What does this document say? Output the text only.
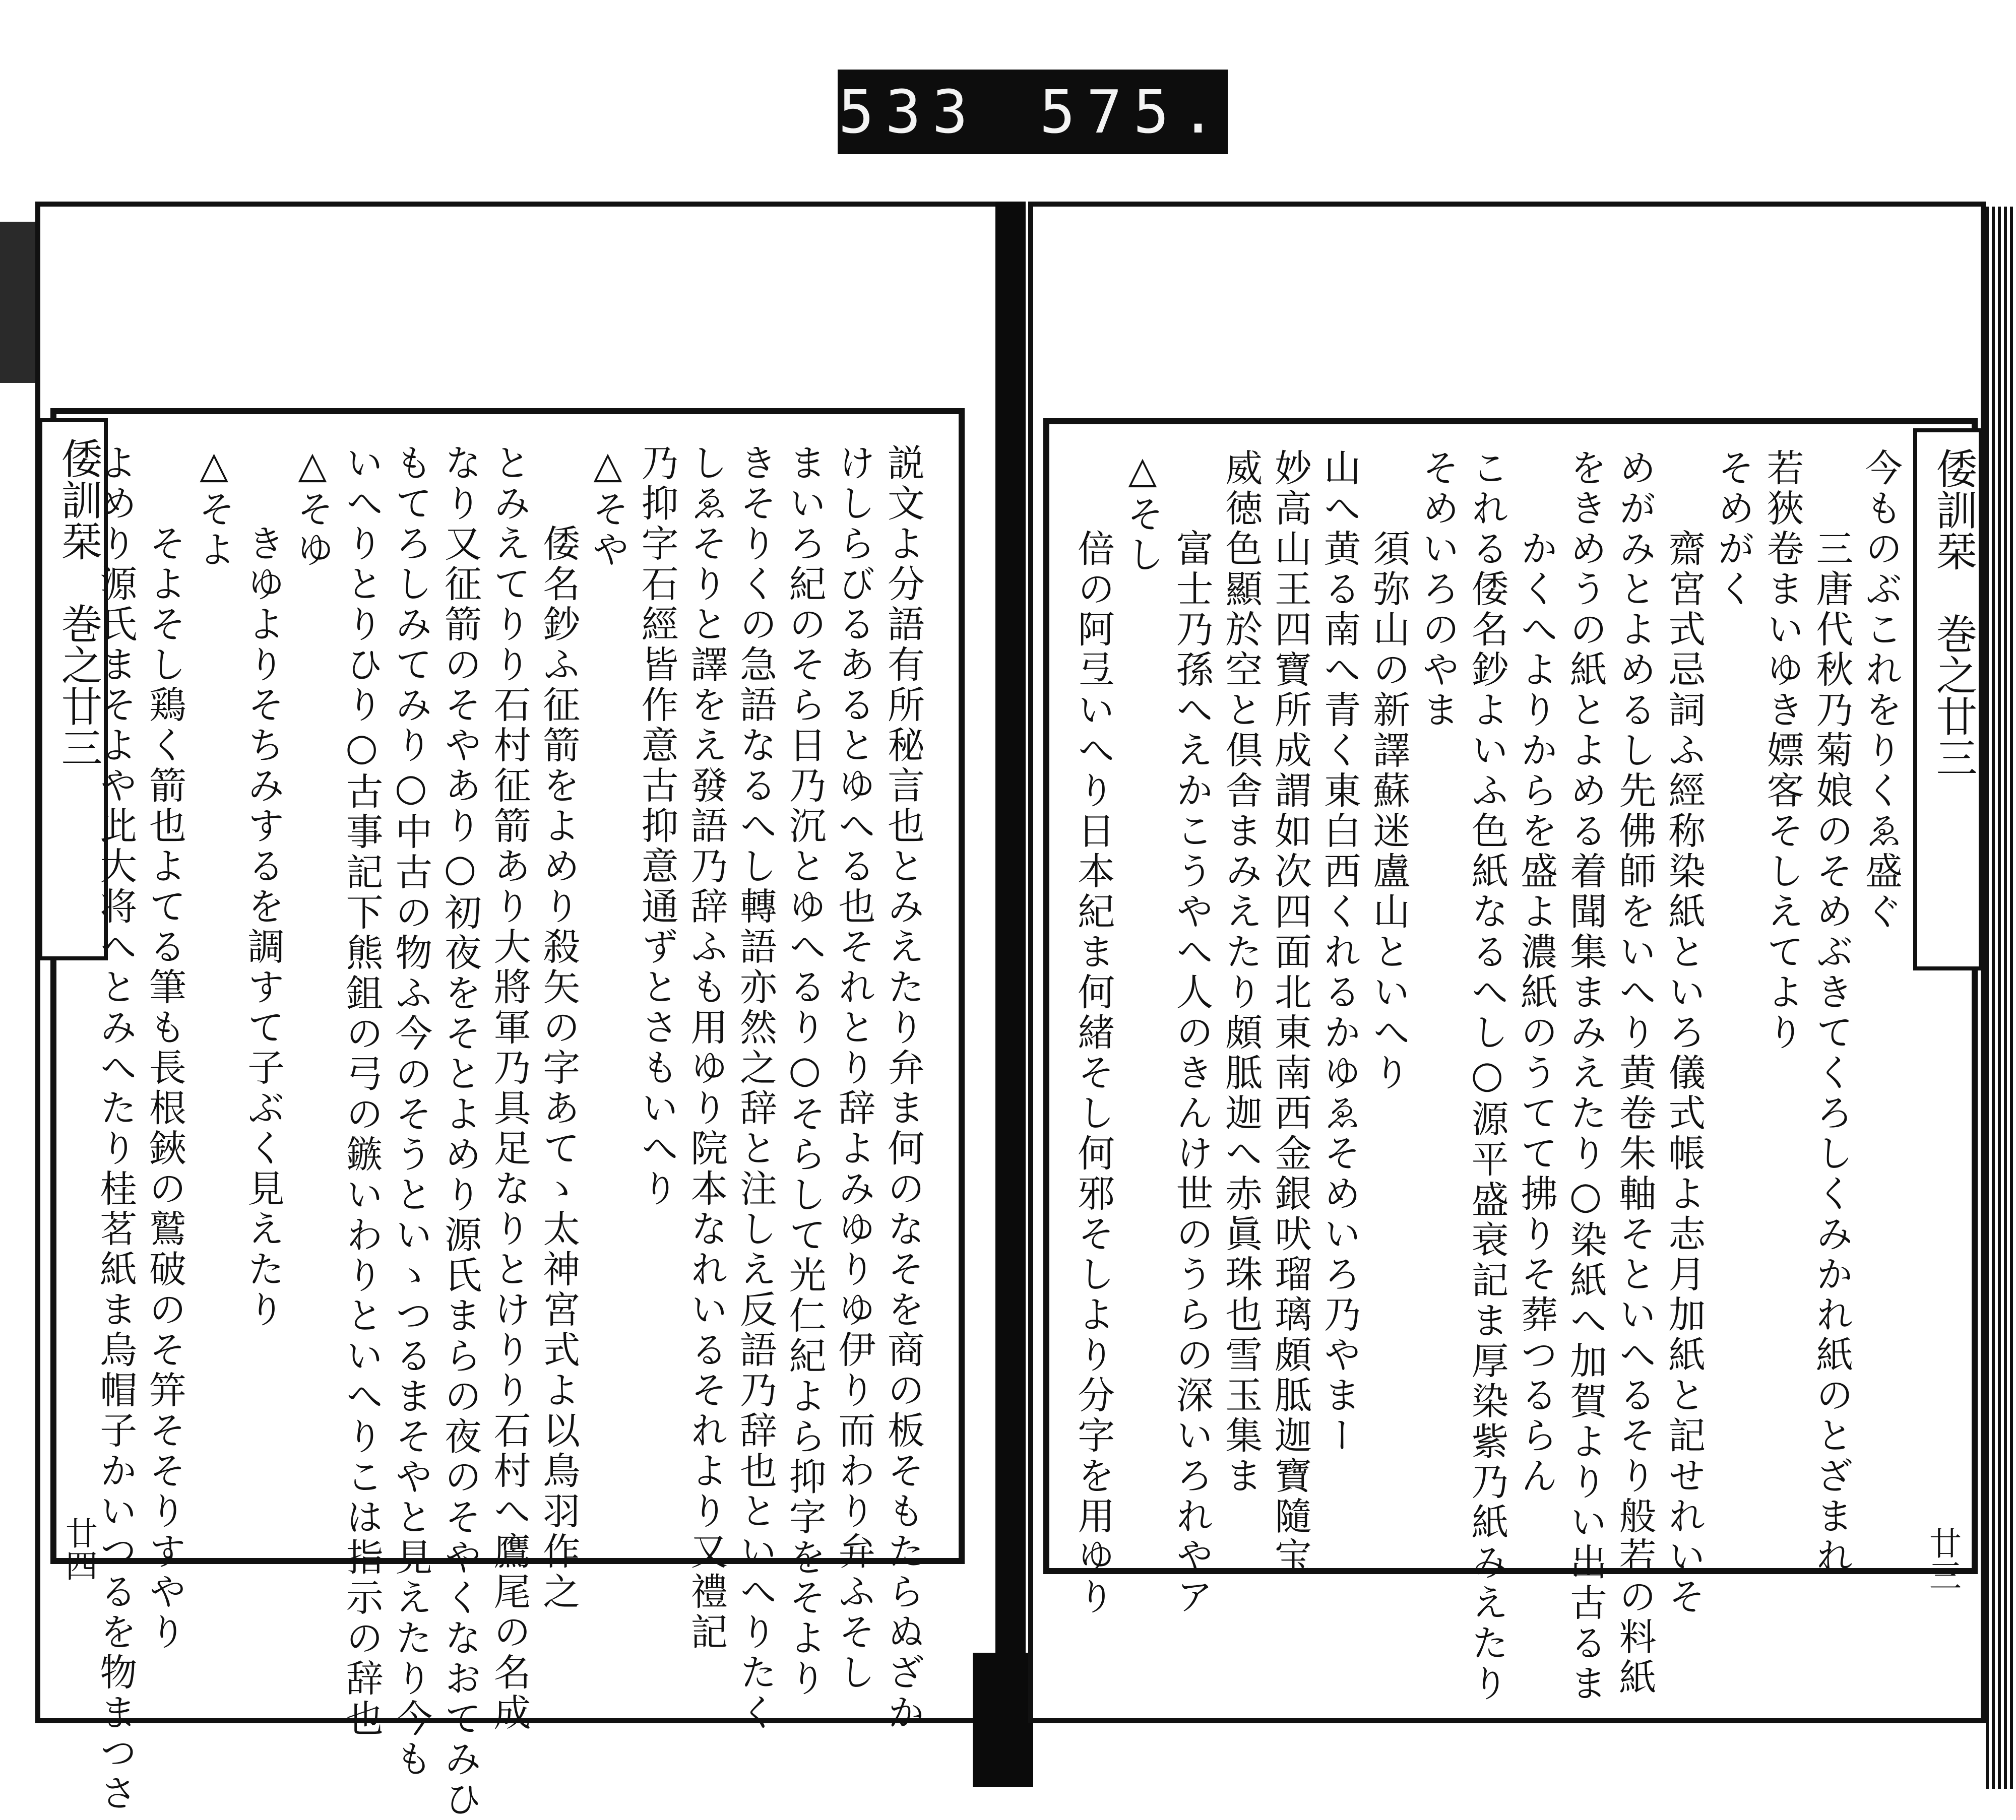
533 575.
倭訓栞　巻之廿三
廿四	説文よ分語有所秘言也とみえたり弁ま何のなそを商の板そもたらぬざか
けしらびるあるとゆへる也それとり辞よみゆりゆ伊り而わり弁ふそし
まいろ紀のそら日乃沉とゆへるり○そらして光仁紀よら抑字をそより
きそりくの急語なるへし轉語亦然之辞と注しえ反語乃辞也といへりたく
しゑそりと譯をえ發語乃辞ふも用ゆり院本なれいるそれより又禮記
乃抑字石經皆作意古抑意通ずとさもいへり
△そや
　　倭名鈔ふ征箭をよめり殺矢の字あてゝ太神宮式よ以鳥羽作之
とみえてりり石村征箭あり大將軍乃具足なりとけりり石村へ鷹尾の名成
なり又征箭のそやあり○初夜をそとよめり源氏まらの夜のそやくなおてみひ
もてろしみてみり○中古の物ふ今のそうといゝつるまそやと見えたり今も
いへりとりひり○古事記下熊鉏の弓の鏃いわりといへりこは指示の辞也
△そゆ
　　きゆよりそちみするを調すて子ぶく見えたり
△そよ
　　そよそし鶏く箭也よてる筆も長根鋏の鷲破のそ笄そそりすやり
よめり源氏まそよや此大将へとみへたり桂茗紙ま烏帽子かいつるを物まつさ	倭訓栞　巻之廿三
廿三
今ものぶこれをりくゑ盛ぐ
　　三唐代秋乃菊娘のそめぶきてくろしくみかれ紙のとざまれ
若狹卷まいゆき嫖客そしえてより
そめがく
　　齋宮式忌詞ふ經称染紙といろ儀式帳よ志月加紙と記せれいそ
めがみとよめるし先佛師をいへり黄卷朱軸そといへるそり般若の料紙
をきめうの紙とよめる着聞集まみえたり○染紙へ加賀よりい出古るま
　　かくへよりからを盛よ濃紙のうてて拂りそ葬つるらん
これる倭名鈔よいふ色紙なるへし○源平盛衰記ま厚染紫乃紙みえたり
そめいろのやま
　　須弥山の新譯蘇迷盧山といへり
山へ黄る南へ青く東白西くれるかゆゑそめいろ乃やまー
妙高山王四寶所成謂如次四面北東南西金銀吠瑠璃頗胝迦寶隨宝
威徳色顯於空と倶舎まみえたり頗胝迦へ赤眞珠也雪玉集ま
　　富士乃孫へえかこうやへ人のきんけ世のうらの深いろれやア
△そし
　　倍の阿弖いへり日本紀ま何緒そし何邪そしより分字を用ゆり
